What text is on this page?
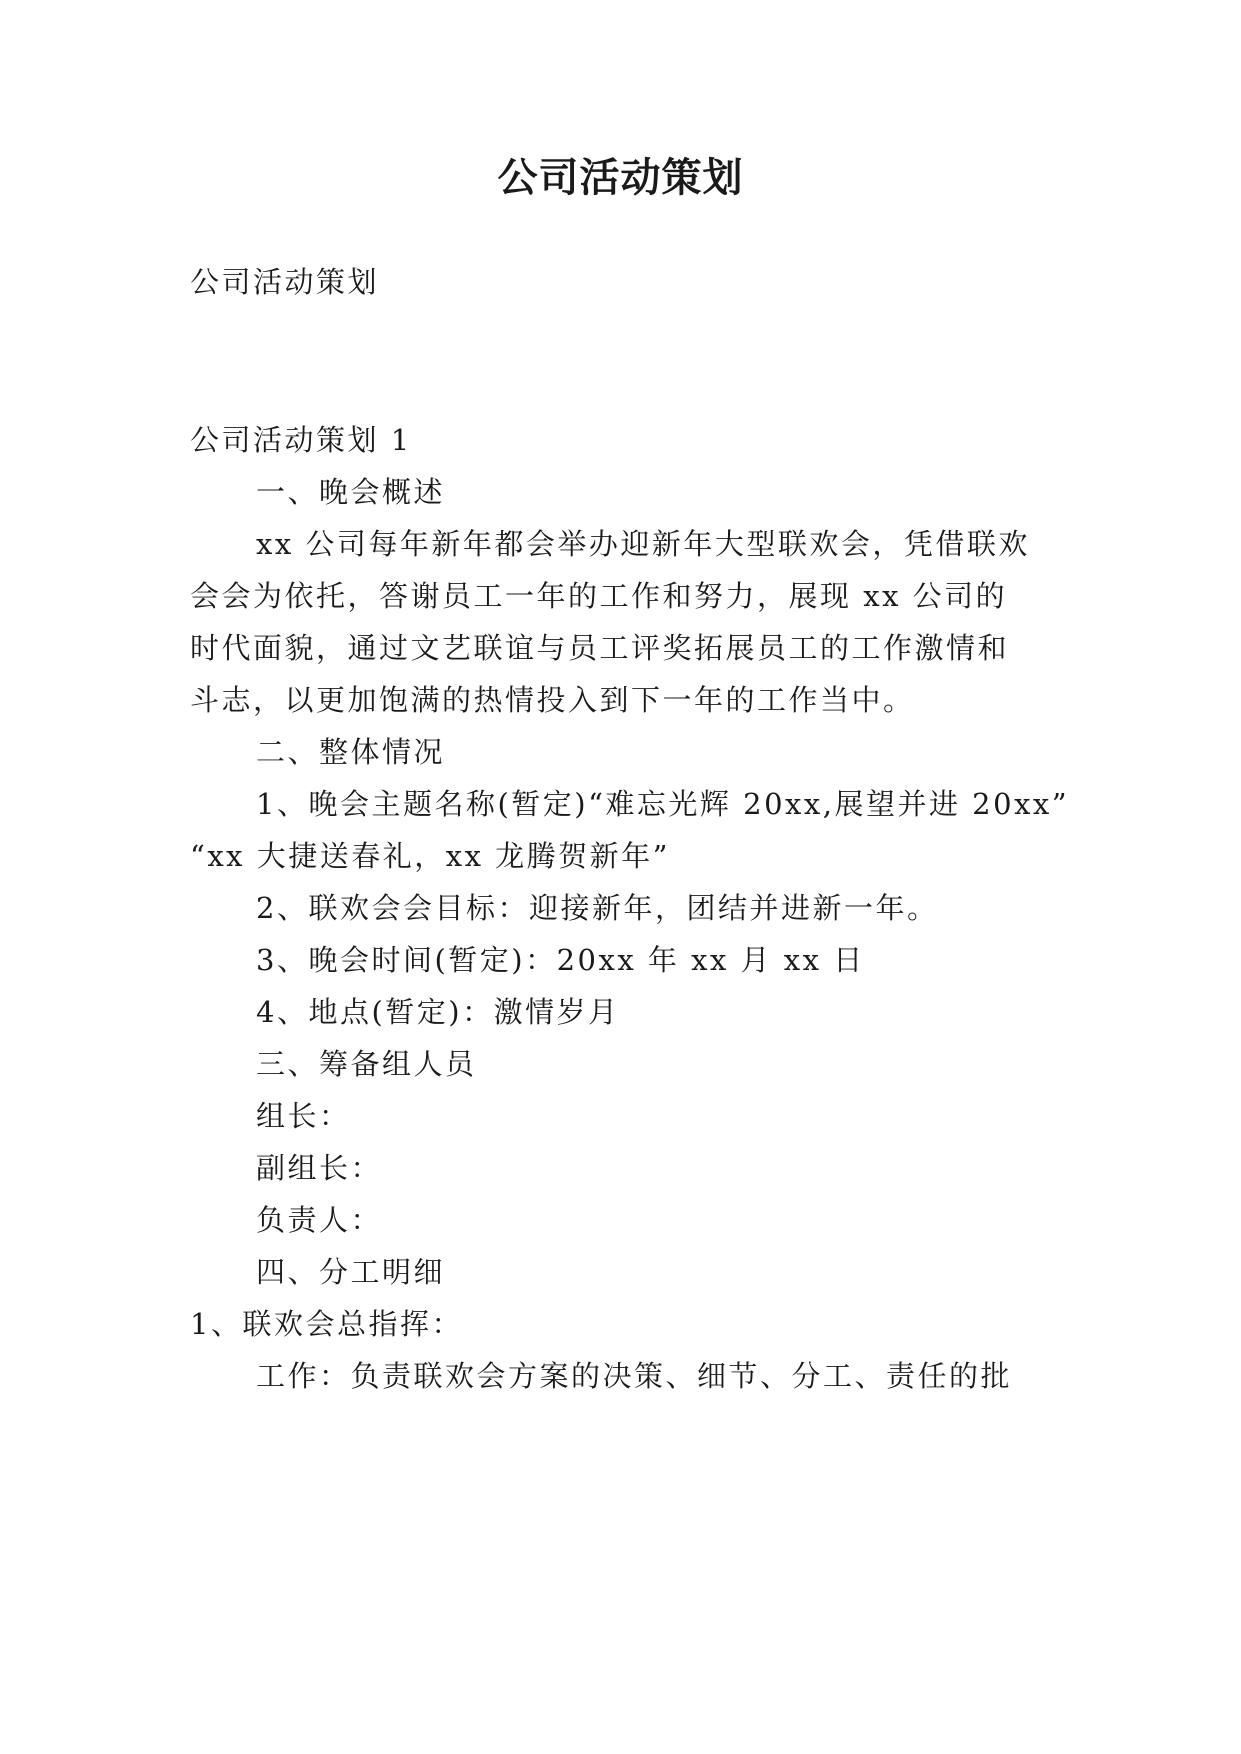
公司活动策划
公司活动策划
公司活动策划 1
一、晚会概述
xx 公司每年新年都会举办迎新年大型联欢会，凭借联欢
会会为依托，答谢员工一年的工作和努力，展现 xx 公司的
时代面貌，通过文艺联谊与员工评奖拓展员工的工作激情和
斗志，以更加饱满的热情投入到下一年的工作当中。
二、整体情况
1、晚会主题名称(暂定)“难忘光辉 20xx,展望并进 20xx”
“xx 大捷送春礼，xx 龙腾贺新年”
2、联欢会会目标：迎接新年，团结并进新一年。
3、晚会时间(暂定)：20xx 年 xx 月 xx 日
4、地点(暂定)：激情岁月
三、筹备组人员
组长：
副组长：
负责人：
四、分工明细
1、联欢会总指挥：
工作：负责联欢会方案的决策、细节、分工、责任的批
